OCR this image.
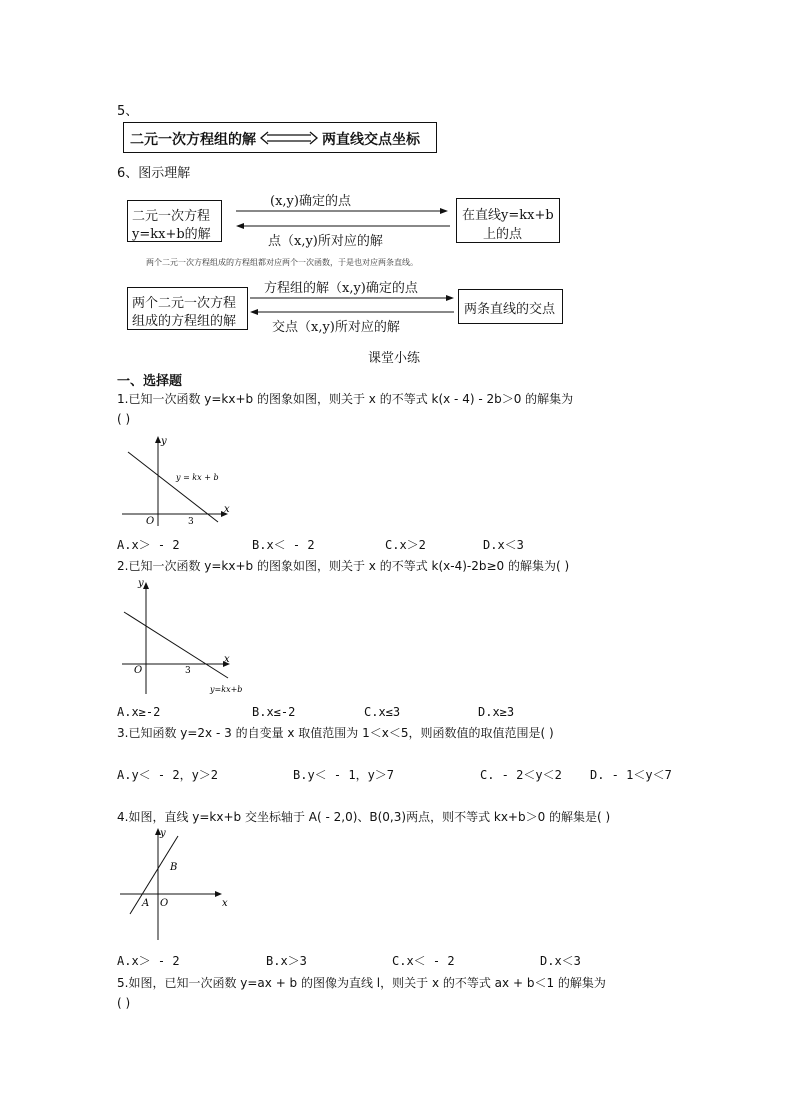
5、
二元一次方程组的解	两直线交点坐标
6、图示理解
二元一次方程
y=kx+b的解
(x,y)确定的点
点（x,y)所对应的解
在直线y=kx+b
上的点
两个二元一次方程组成的方程组都对应两个一次函数，于是也对应两条直线。
两个二元一次方程
组成的方程组的解
方程组的解（x,y)确定的点
交点（x,y)所对应的解
两条直线的交点
课堂小练
一、选择题
1.已知一次函数 y=kx+b 的图象如图，则关于 x 的不等式 k(x - 4) - 2b＞0 的解集为
( )
y
x
O	3
y = kx + b
A.x＞ - 2	B.x＜ - 2	C.x＞2	D.x＜3
2.已知一次函数 y=kx+b 的图象如图，则关于 x 的不等式 k(x-4)-2b≥0 的解集为( )
y
x
O	3
y=kx+b
A.x≥-2	B.x≤-2	C.x≤3	D.x≥3
3.已知函数 y=2x - 3 的自变量 x 取值范围为 1＜x＜5，则函数值的取值范围是( )
A.y＜ - 2，y＞2	B.y＜ - 1，y＞7	C. - 2＜y＜2 D. - 1＜y＜7
4.如图，直线 y=kx+b 交坐标轴于 A( - 2,0)、B(0,3)两点，则不等式 kx+b＞0 的解集是( )
y
x
O
A
B
A.x＞ - 2	B.x＞3	C.x＜ - 2	D.x＜3
5.如图，已知一次函数 y=ax + b 的图像为直线 l，则关于 x 的不等式 ax + b＜1 的解集为
( )
